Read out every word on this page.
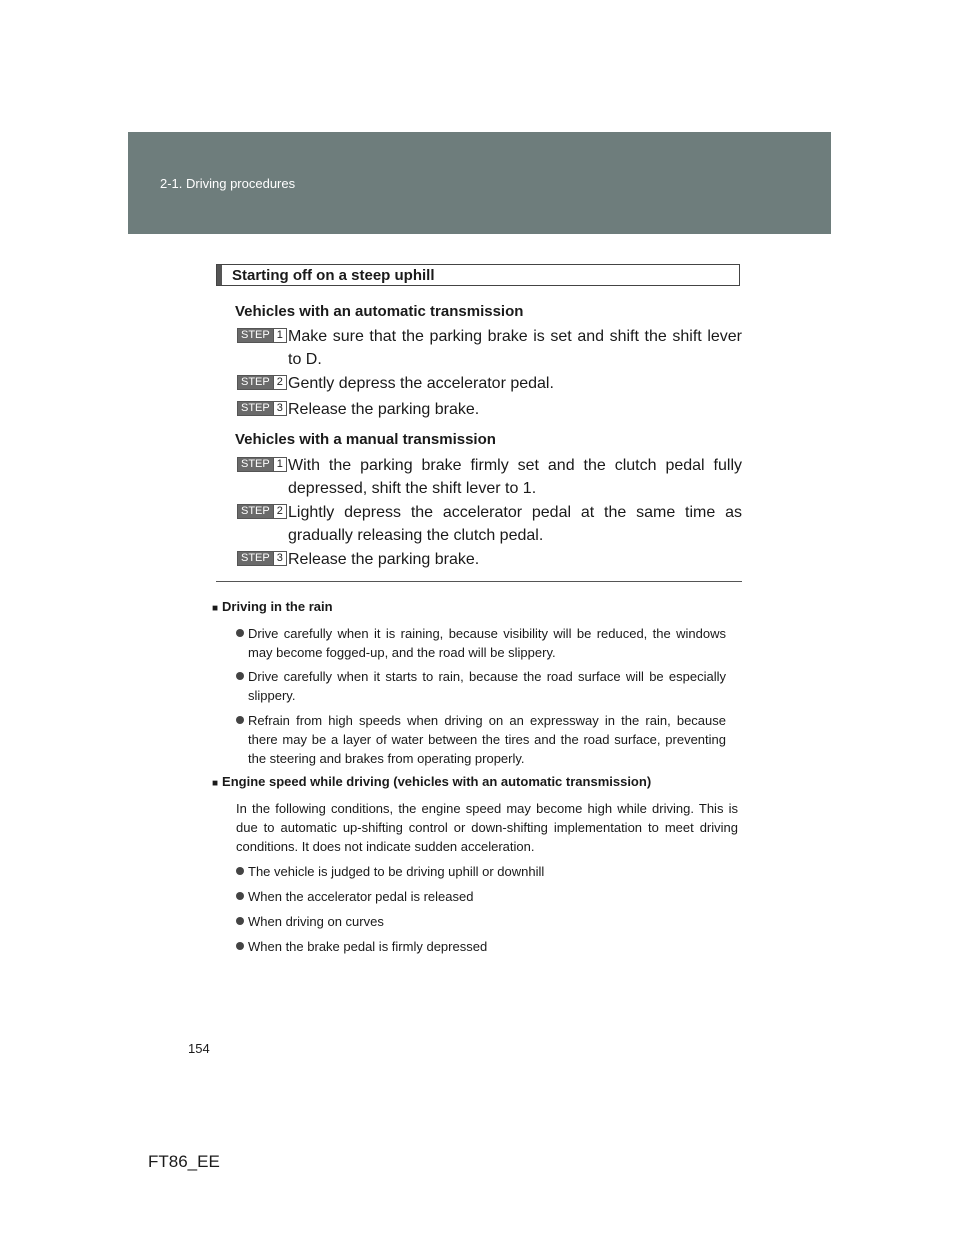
2-1. Driving procedures
Starting off on a steep uphill
Vehicles with an automatic transmission
STEP 1 Make sure that the parking brake is set and shift the shift lever to D.
STEP 2 Gently depress the accelerator pedal.
STEP 3 Release the parking brake.
Vehicles with a manual transmission
STEP 1 With the parking brake firmly set and the clutch pedal fully depressed, shift the shift lever to 1.
STEP 2 Lightly depress the accelerator pedal at the same time as gradually releasing the clutch pedal.
STEP 3 Release the parking brake.
■ Driving in the rain
Drive carefully when it is raining, because visibility will be reduced, the windows may become fogged-up, and the road will be slippery.
Drive carefully when it starts to rain, because the road surface will be especially slippery.
Refrain from high speeds when driving on an expressway in the rain, because there may be a layer of water between the tires and the road surface, preventing the steering and brakes from operating properly.
■ Engine speed while driving (vehicles with an automatic transmission)
In the following conditions, the engine speed may become high while driving. This is due to automatic up-shifting control or down-shifting implementation to meet driving conditions. It does not indicate sudden acceleration.
The vehicle is judged to be driving uphill or downhill
When the accelerator pedal is released
When driving on curves
When the brake pedal is firmly depressed
154
FT86_EE
